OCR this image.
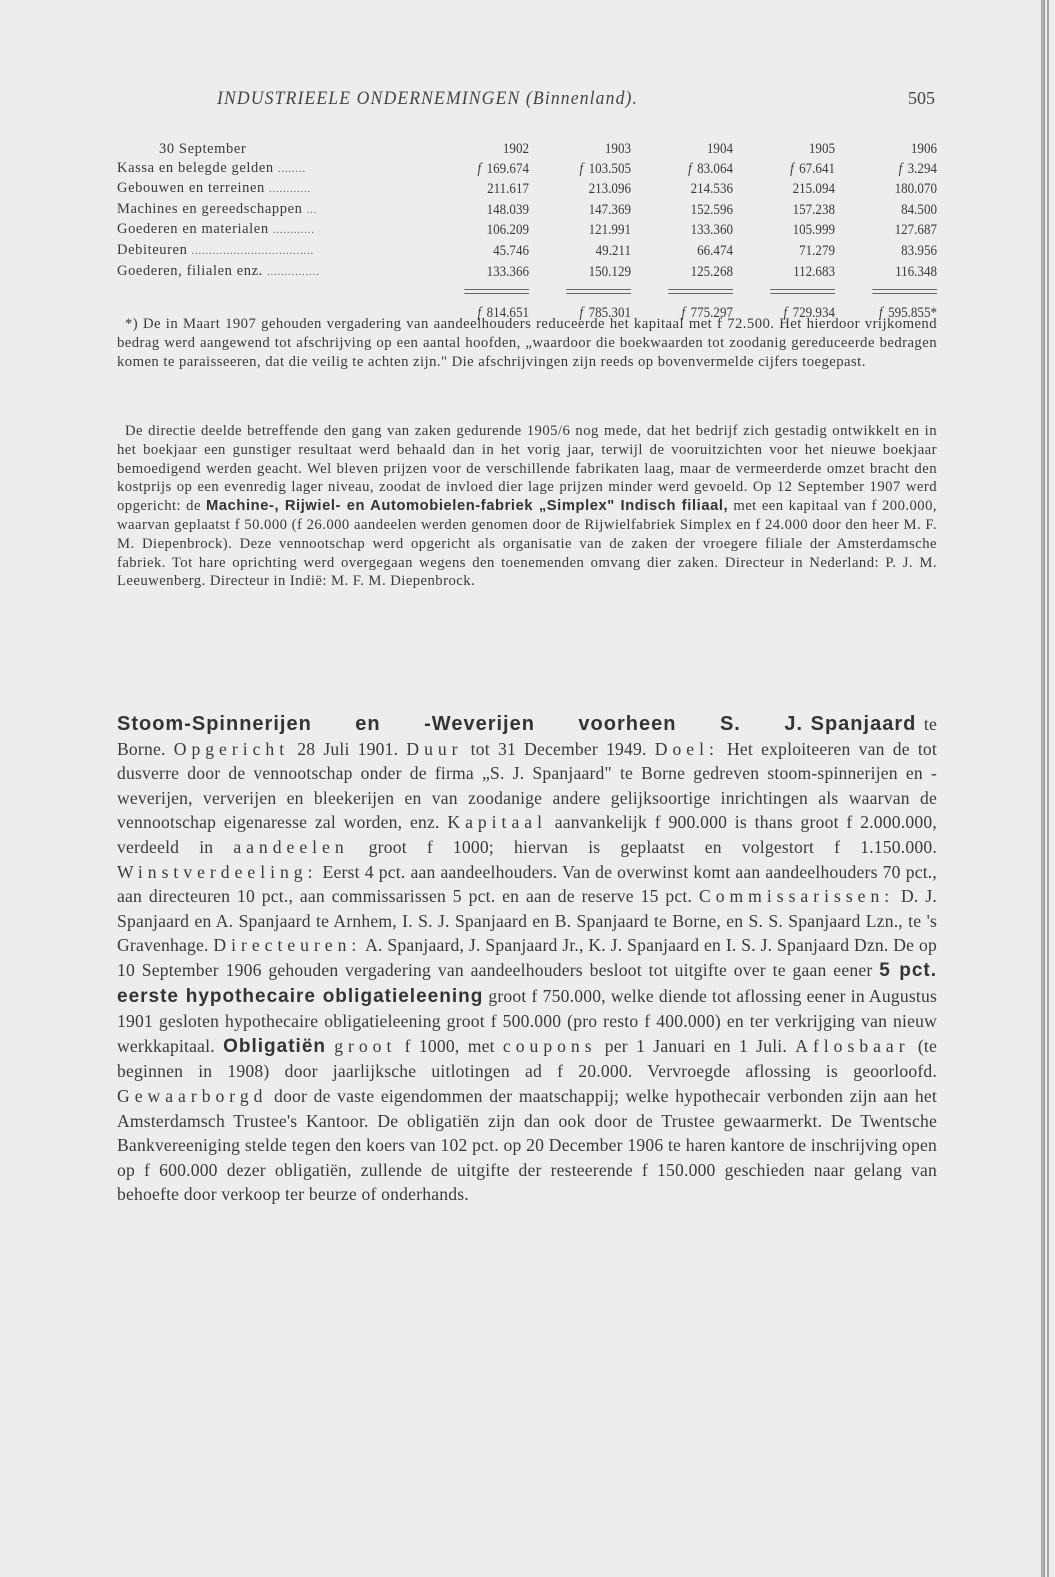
INDUSTRIEELE ONDERNEMINGEN (Binnenland).	505
30 September	1902	1903	1904	1905	1906
Kassa en belegde gelden ........	f 169.674	f 103.505	f 83.064	f 67.641	f 3.294
Gebouwen en terreinen ............	211.617	213.096	214.536	215.094	180.070
Machines en gereedschappen ...	148.039	147.369	152.596	157.238	84.500
Goederen en materialen ............	106.209	121.991	133.360	105.999	127.687
Debiteuren ...................................	45.746	49.211	66.474	71.279	83.956
Goederen, filialen enz. ...............	133.366	150.129	125.268	112.683	116.348

	f 814.651	f 785.301	f 775.297	f 729.934	f 595.855*

*) De in Maart 1907 gehouden vergadering van aandeelhouders reduceerde het kapitaal met f 72.500. Het hierdoor vrijkomend bedrag werd aangewend tot afschrijving op een aantal hoofden, „waardoor die boekwaarden tot zoodanig gereduceerde bedragen komen te paraisseeren, dat die veilig te achten zijn." Die afschrijvingen zijn reeds op bovenvermelde cijfers toegepast.

De directie deelde betreffende den gang van zaken gedurende 1905/6 nog mede, dat het bedrijf zich gestadig ontwikkelt en in het boekjaar een gunstiger resultaat werd behaald dan in het vorig jaar, terwijl de vooruitzichten voor het nieuwe boekjaar bemoedigend werden geacht. Wel bleven prijzen voor de verschillende fabrikaten laag, maar de vermeerderde omzet bracht den kostprijs op een evenredig lager niveau, zoodat de invloed dier lage prijzen minder werd gevoeld. Op 12 September 1907 werd opgericht: de Machine-, Rijwiel- en Automobielen-fabriek „Simplex" Indisch filiaal, met een kapitaal van f 200.000, waarvan geplaatst f 50.000 (f 26.000 aandeelen werden genomen door de Rijwielfabriek Simplex en f 24.000 door den heer M. F. M. Diepenbrock). Deze vennootschap werd opgericht als organisatie van de zaken der vroegere filiale der Amsterdamsche fabriek. Tot hare oprichting werd overgegaan wegens den toenemenden omvang dier zaken. Directeur in Nederland: P. J. M. Leeuwenberg. Directeur in Indië: M. F. M. Diepenbrock.

Stoom-Spinnerijen en -Weverijen voorheen S. J. Spanjaard te Borne. Opgericht 28 Juli 1901. Duur tot 31 December 1949. Doel: Het exploiteeren van de tot dusverre door de vennootschap onder de firma „S. J. Spanjaard" te Borne gedreven stoom-spinnerijen en -weverijen, ververijen en bleekerijen en van zoodanige andere gelijksoortige inrichtingen als waarvan de vennootschap eigenaresse zal worden, enz. Kapitaal aanvankelijk f 900.000 is thans groot f 2.000.000, verdeeld in aandeelen groot f 1000; hiervan is geplaatst en volgestort f 1.150.000. Winstverdeeling: Eerst 4 pct. aan aandeelhouders. Van de overwinst komt aan aandeelhouders 70 pct., aan directeuren 10 pct., aan commissarissen 5 pct. en aan de reserve 15 pct. Commissarissen: D. J. Spanjaard en A. Spanjaard te Arnhem, I. S. J. Spanjaard en B. Spanjaard te Borne, en S. S. Spanjaard Lzn., te 's Gravenhage. Directeuren: A. Spanjaard, J. Spanjaard Jr., K. J. Spanjaard en I. S. J. Spanjaard Dzn. De op 10 September 1906 gehouden vergadering van aandeelhouders besloot tot uitgifte over te gaan eener 5 pct. eerste hypothecaire obligatieleening groot f 750.000, welke diende tot aflossing eener in Augustus 1901 gesloten hypothecaire obligatieleening groot f 500.000 (pro resto f 400.000) en ter verkrijging van nieuw werkkapitaal. Obligatiën groot f 1000, met coupons per 1 Januari en 1 Juli. Aflosbaar (te beginnen in 1908) door jaarlijksche uitlotingen ad f 20.000. Vervroegde aflossing is geoorloofd. Gewaarborgd door de vaste eigendommen der maatschappij; welke hypothecair verbonden zijn aan het Amsterdamsch Trustee's Kantoor. De obligatiën zijn dan ook door de Trustee gewaarmerkt. De Twentsche Bankvereeniging stelde tegen den koers van 102 pct. op 20 December 1906 te haren kantore de inschrijving open op f 600.000 dezer obligatiën, zullende de uitgifte der resteerende f 150.000 geschieden naar gelang van behoefte door verkoop ter beurze of onderhands.
